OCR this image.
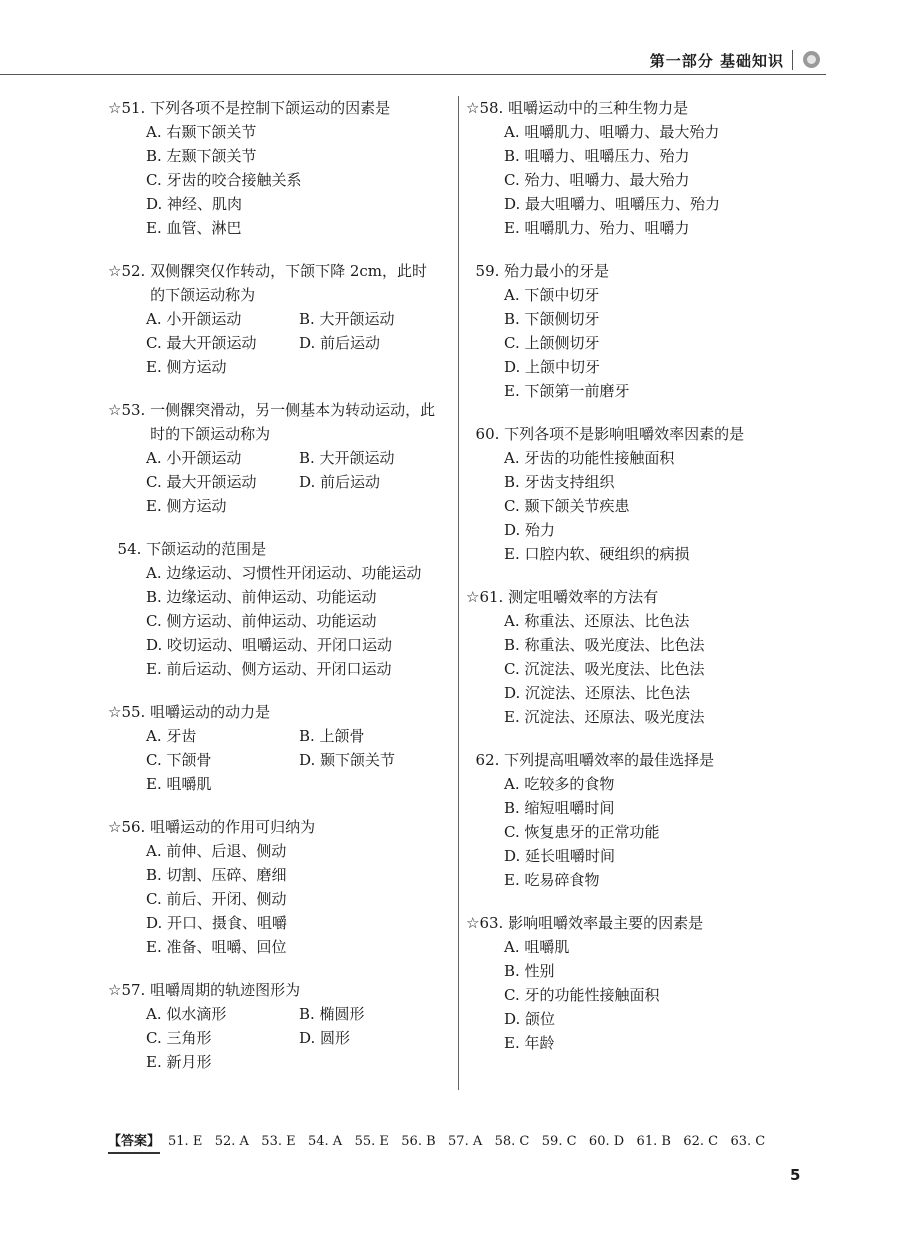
第一部分 基础知识
☆51. 下列各项不是控制下颌运动的因素是
A. 右颞下颌关节
B. 左颞下颌关节
C. 牙齿的咬合接触关系
D. 神经、肌肉
E. 血管、淋巴
☆52. 双侧髁突仅作转动，下颌下降 2cm，此时的下颌运动称为
A. 小开颌运动	B. 大开颌运动
C. 最大开颌运动	D. 前后运动
E. 侧方运动
☆53. 一侧髁突滑动，另一侧基本为转动运动，此时的下颌运动称为
A. 小开颌运动	B. 大开颌运动
C. 最大开颌运动	D. 前后运动
E. 侧方运动
54. 下颌运动的范围是
A. 边缘运动、习惯性开闭运动、功能运动
B. 边缘运动、前伸运动、功能运动
C. 侧方运动、前伸运动、功能运动
D. 咬切运动、咀嚼运动、开闭口运动
E. 前后运动、侧方运动、开闭口运动
☆55. 咀嚼运动的动力是
A. 牙齿	B. 上颌骨
C. 下颌骨	D. 颞下颌关节
E. 咀嚼肌
☆56. 咀嚼运动的作用可归纳为
A. 前伸、后退、侧动
B. 切割、压碎、磨细
C. 前后、开闭、侧动
D. 开口、摄食、咀嚼
E. 准备、咀嚼、回位
☆57. 咀嚼周期的轨迹图形为
A. 似水滴形	B. 椭圆形
C. 三角形	D. 圆形
E. 新月形
☆58. 咀嚼运动中的三种生物力是
A. 咀嚼肌力、咀嚼力、最大殆力
B. 咀嚼力、咀嚼压力、殆力
C. 殆力、咀嚼力、最大殆力
D. 最大咀嚼力、咀嚼压力、殆力
E. 咀嚼肌力、殆力、咀嚼力
59. 殆力最小的牙是
A. 下颌中切牙
B. 下颌侧切牙
C. 上颌侧切牙
D. 上颌中切牙
E. 下颌第一前磨牙
60. 下列各项不是影响咀嚼效率因素的是
A. 牙齿的功能性接触面积
B. 牙齿支持组织
C. 颞下颌关节疾患
D. 殆力
E. 口腔内软、硬组织的病损
☆61. 测定咀嚼效率的方法有
A. 称重法、还原法、比色法
B. 称重法、吸光度法、比色法
C. 沉淀法、吸光度法、比色法
D. 沉淀法、还原法、比色法
E. 沉淀法、还原法、吸光度法
62. 下列提高咀嚼效率的最佳选择是
A. 吃较多的食物
B. 缩短咀嚼时间
C. 恢复患牙的正常功能
D. 延长咀嚼时间
E. 吃易碎食物
☆63. 影响咀嚼效率最主要的因素是
A. 咀嚼肌
B. 性别
C. 牙的功能性接触面积
D. 颌位
E. 年龄
【答案】 51. E   52. A   53. E   54. A   55. E   56. B   57. A   58. C   59. C   60. D   61. B   62. C   63. C
5
